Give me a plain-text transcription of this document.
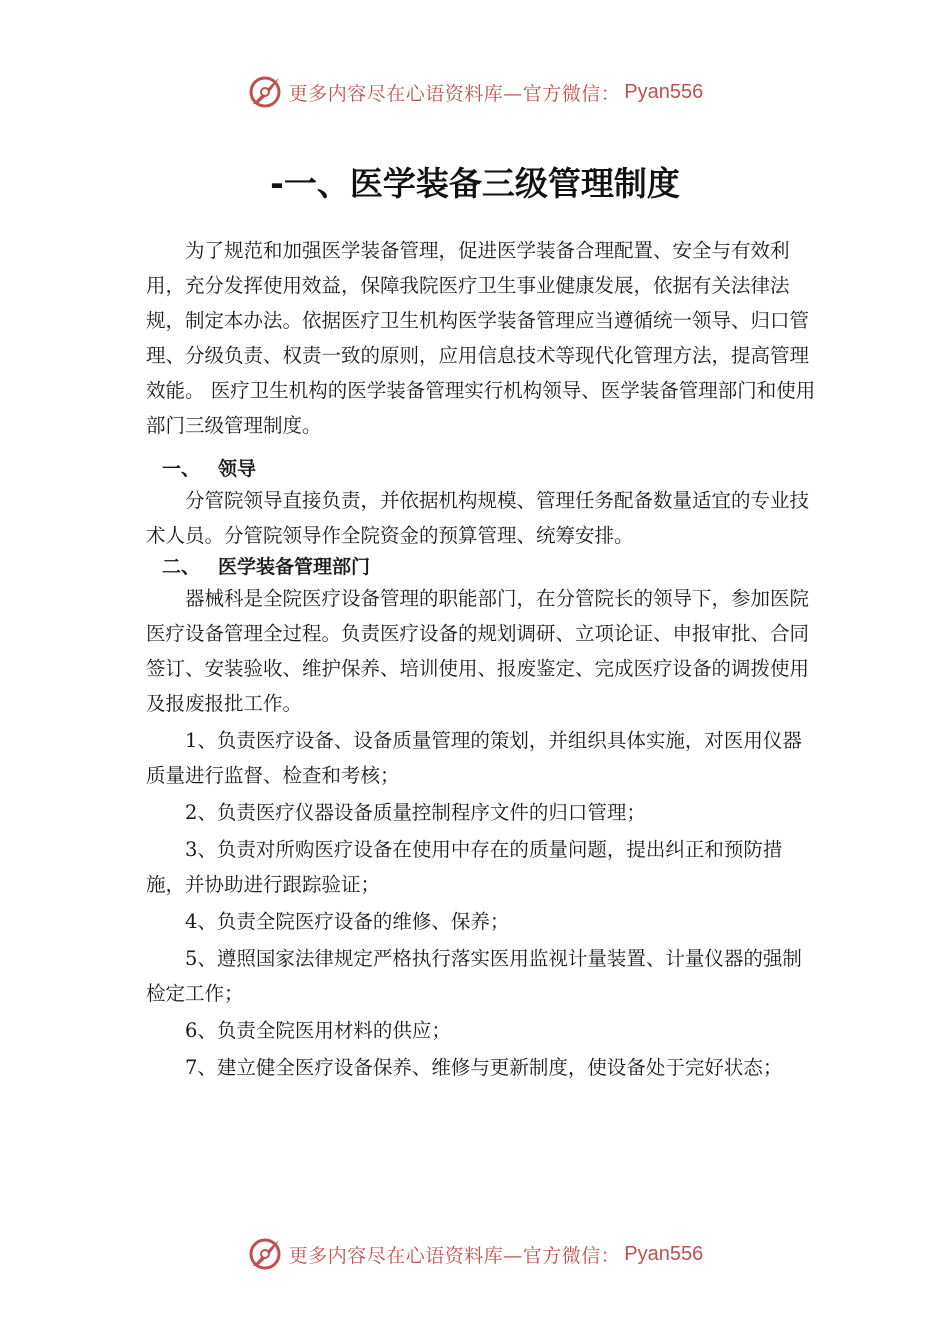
更多内容尽在心语资料库—官方微信： Pyan556
-一、医学装备三级管理制度

为了规范和加强医学装备管理，促进医学装备合理配置、安全与有效利用，充分发挥使用效益，保障我院医疗卫生事业健康发展，依据有关法律法规，制定本办法。依据医疗卫生机构医学装备管理应当遵循统一领导、归口管理、分级负责、权责一致的原则，应用信息技术等现代化管理方法，提高管理效能。 医疗卫生机构的医学装备管理实行机构领导、医学装备管理部门和使用部门三级管理制度。

一、 领导

分管院领导直接负责，并依据机构规模、管理任务配备数量适宜的专业技术人员。分管院领导作全院资金的预算管理、统筹安排。

二、 医学装备管理部门

器械科是全院医疗设备管理的职能部门，在分管院长的领导下，参加医院医疗设备管理全过程。负责医疗设备的规划调研、立项论证、申报审批、合同签订、安装验收、维护保养、培训使用、报废鉴定、完成医疗设备的调拨使用及报废报批工作。

1、负责医疗设备、设备质量管理的策划，并组织具体实施，对医用仪器质量进行监督、检查和考核；

2、负责医疗仪器设备质量控制程序文件的归口管理；

3、负责对所购医疗设备在使用中存在的质量问题，提出纠正和预防措施，并协助进行跟踪验证；

4、负责全院医疗设备的维修、保养；

5、遵照国家法律规定严格执行落实医用监视计量装置、计量仪器的强制检定工作；

6、负责全院医用材料的供应；

7、建立健全医疗设备保养、维修与更新制度，使设备处于完好状态；

更多内容尽在心语资料库—官方微信： Pyan556
